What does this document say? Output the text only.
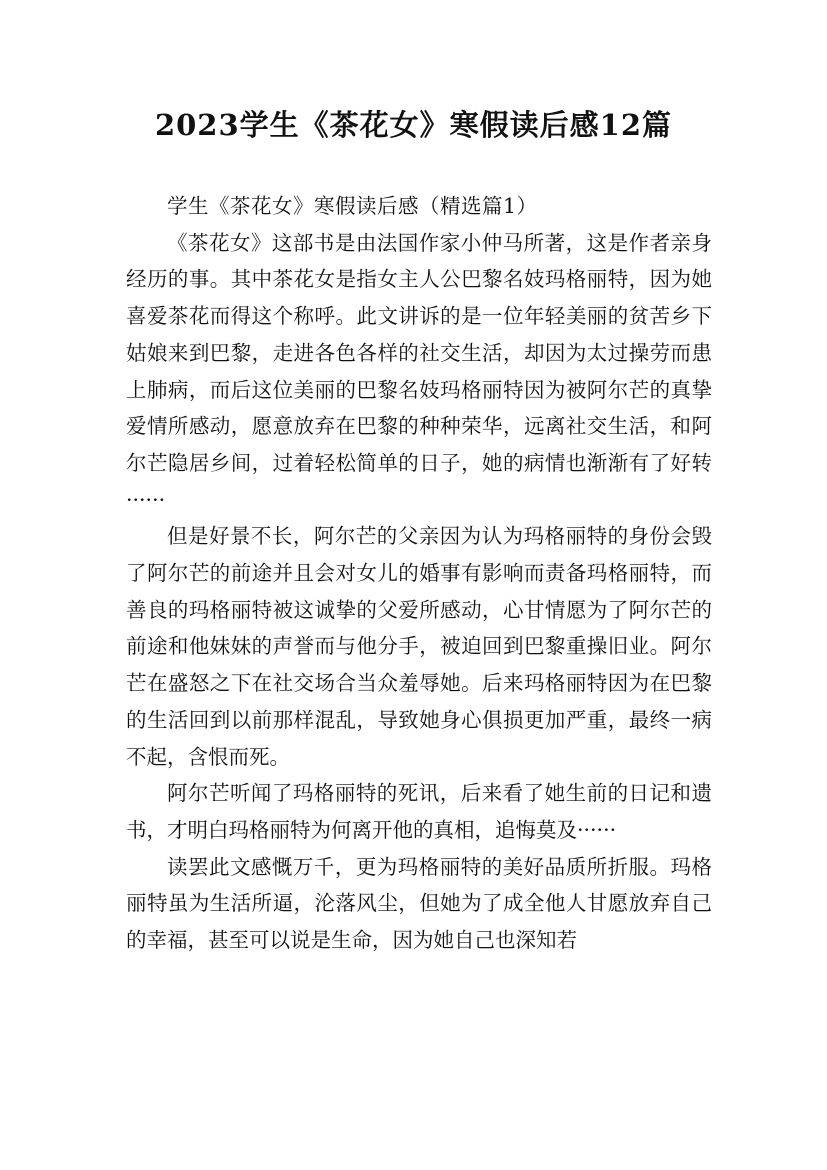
2023学生《茶花女》寒假读后感12篇

学生《茶花女》寒假读后感（精选篇1）

《茶花女》这部书是由法国作家小仲马所著，这是作者亲身经历的事。其中茶花女是指女主人公巴黎名妓玛格丽特，因为她喜爱茶花而得这个称呼。此文讲诉的是一位年轻美丽的贫苦乡下姑娘来到巴黎，走进各色各样的社交生活，却因为太过操劳而患上肺病，而后这位美丽的巴黎名妓玛格丽特因为被阿尔芒的真挚爱情所感动，愿意放弃在巴黎的种种荣华，远离社交生活，和阿尔芒隐居乡间，过着轻松简单的日子，她的病情也渐渐有了好转······

但是好景不长，阿尔芒的父亲因为认为玛格丽特的身份会毁了阿尔芒的前途并且会对女儿的婚事有影响而责备玛格丽特，而善良的玛格丽特被这诚挚的父爱所感动，心甘情愿为了阿尔芒的前途和他妹妹的声誉而与他分手，被迫回到巴黎重操旧业。阿尔芒在盛怒之下在社交场合当众羞辱她。后来玛格丽特因为在巴黎的生活回到以前那样混乱，导致她身心俱损更加严重，最终一病不起，含恨而死。

阿尔芒听闻了玛格丽特的死讯，后来看了她生前的日记和遗书，才明白玛格丽特为何离开他的真相，追悔莫及······

读罢此文感慨万千，更为玛格丽特的美好品质所折服。玛格丽特虽为生活所逼，沦落风尘，但她为了成全他人甘愿放弃自己的幸福，甚至可以说是生命，因为她自己也深知若
